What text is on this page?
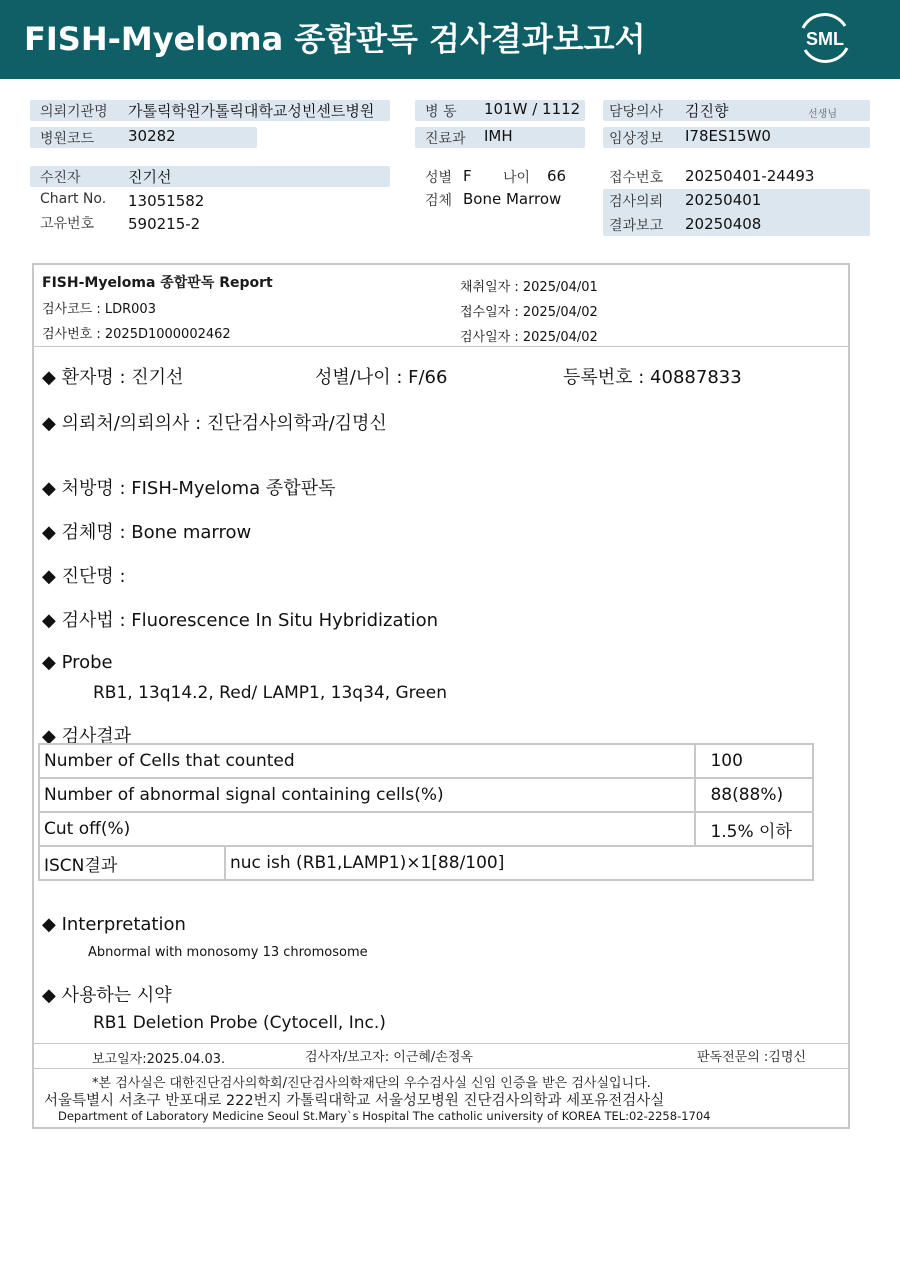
FISH-Myeloma 종합판독 검사결과보고서	SML
의뢰기관명 가톨릭학원가톨릭대학교성빈센트병원
병원코드 30282
병 동 101W / 1112
진료과 IMH
담당의사 김진향	선생님
임상정보 I78ES15W0
수진자	진기선
Chart No. 13051582
고유번호 590215-2
성별 F 나이 66
검체 Bone Marrow
접수번호 20250401-24493
검사의뢰 20250401
결과보고 20250408
FISH-Myeloma 종합판독 Report
검사코드 : LDR003
검사번호 : 2025D1000002462
채취일자 : 2025/04/01
접수일자 : 2025/04/02
검사일자 : 2025/04/02
◆ 환자명 : 진기선	성별/나이 : F/66	등록번호 : 40887833
◆ 의뢰처/의뢰의사 : 진단검사의학과/김명신
◆ 처방명 : FISH-Myeloma 종합판독
◆ 검체명 : Bone marrow
◆ 진단명 :
◆ 검사법 : Fluorescence In Situ Hybridization
◆ Probe
RB1, 13q14.2, Red/ LAMP1, 13q34, Green
◆ 검사결과
Number of Cells that counted		100
Number of abnormal signal containing cells(%)		88(88%)
Cut off(%)		1.5% 이하
ISCN결과	nuc ish (RB1,LAMP1)×1[88/100]	
◆ Interpretation
Abnormal with monosomy 13 chromosome
◆ 사용하는 시약
RB1 Deletion Probe (Cytocell, Inc.)
보고일자:2025.04.03.	검사자/보고자: 이근혜/손정옥	판독전문의 :김명신
*본 검사실은 대한진단검사의학회/진단검사의학재단의 우수검사실 신임 인증을 받은 검사실입니다.
서울특별시 서초구 반포대로 222번지 가톨릭대학교 서울성모병원 진단검사의학과 세포유전검사실
Department of Laboratory Medicine Seoul St.Mary`s Hospital The catholic university of KOREA TEL:02-2258-1704
